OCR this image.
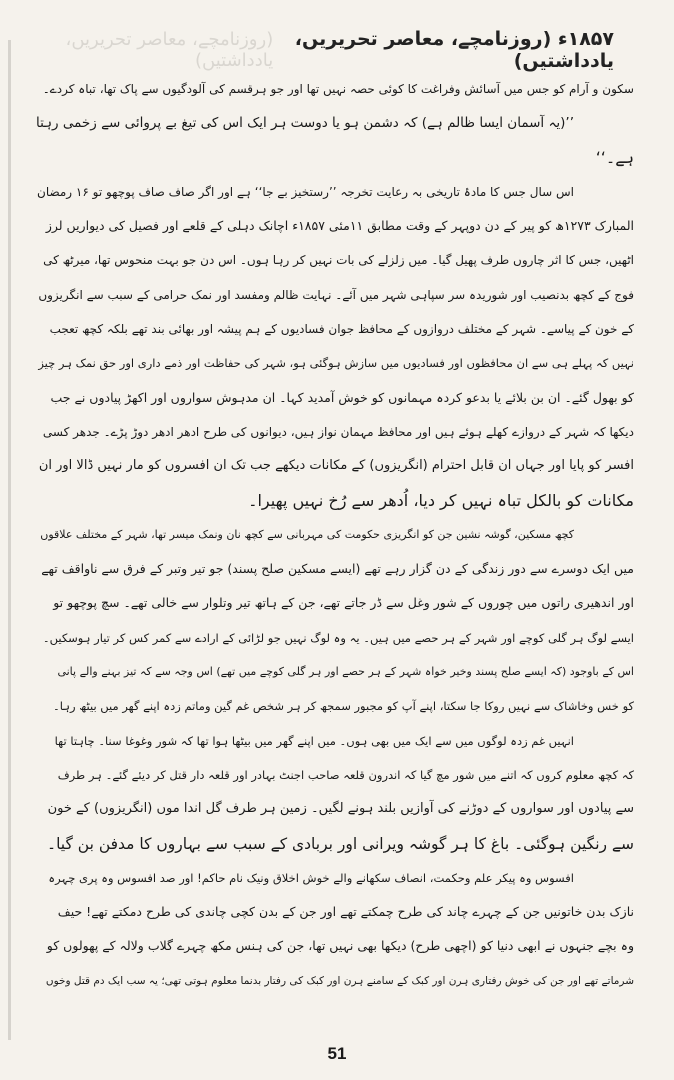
(روزنامچے، معاصر تحریریں، یادداشتیں)
۱۸۵۷ء (روزنامچے، معاصر تحریریں، یادداشتیں)
سکون و آرام کو جس میں آسائش وفراغت کا کوئی حصہ نہیں تھا اور جو ہرقسم کی آلودگیوں سے پاک تھا، تباہ کردے۔
’’(یہ آسمان ایسا ظالم ہے) کہ دشمن ہو یا دوست ہر ایک اس کی تیغ بے پروائی سے زخمی رہتا
ہے۔‘‘
اس سال جس کا مادۂ تاریخی بہ رعایت تخرجہ ’’رستخیز بے جا‘‘ ہے اور اگر صاف صاف پوچھو تو ۱۶ رمضان
المبارک ۱۲۷۳ھ کو پیر کے دن دوپہر کے وقت مطابق ۱۱مئی ۱۸۵۷ء اچانک دہلی کے قلعے اور فصیل کی دیواریں لرز
اٹھیں، جس کا اثر چاروں طرف پھیل گیا۔ میں زلزلے کی بات نہیں کر رہا ہوں۔ اس دن جو بہت منحوس تھا، میرٹھ کی
فوج کے کچھ بدنصیب اور شوریدہ سر سپاہی شہر میں آئے۔ نہایت ظالم ومفسد اور نمک حرامی کے سبب سے انگریزوں
کے خون کے پیاسے۔ شہر کے مختلف دروازوں کے محافظ جوان فسادیوں کے ہم پیشہ اور بھائی بند تھے بلکہ کچھ تعجب
نہیں کہ پہلے ہی سے ان محافظوں اور فسادیوں میں سازش ہوگئی ہو، شہر کی حفاظت اور ذمے داری اور حق نمک ہر چیز
کو بھول گئے۔ ان بن بلائے یا بدعو کردہ مہمانوں کو خوش آمدید کہا۔ ان مدہوش سواروں اور اکھڑ پیادوں نے جب
دیکھا کہ شہر کے دروازے کھلے ہوئے ہیں اور محافظ مہمان نواز ہیں، دیوانوں کی طرح ادھر ادھر دوڑ پڑے۔ جدھر کسی
افسر کو پایا اور جہاں ان قابل احترام (انگریزوں) کے مکانات دیکھے جب تک ان افسروں کو مار نہیں ڈالا اور ان
مکانات کو بالکل تباہ نہیں کر دیا، اُدھر سے رُخ نہیں پھیرا۔
کچھ مسکین، گوشہ نشین جن کو انگریزی حکومت کی مہربانی سے کچھ نان ونمک میسر تھا، شہر کے مختلف علاقوں
میں ایک دوسرے سے دور زندگی کے دن گزار رہے تھے (ایسے مسکین صلح پسند) جو تیر وتبر کے فرق سے ناواقف تھے
اور اندھیری راتوں میں چوروں کے شور وغل سے ڈر جاتے تھے، جن کے ہاتھ تیر وتلوار سے خالی تھے۔ سچ پوچھو تو
ایسے لوگ ہر گلی کوچے اور شہر کے ہر حصے میں ہیں۔ یہ وہ لوگ نہیں جو لڑائی کے ارادے سے کمر کس کر تیار ہوسکیں۔
اس کے باوجود (کہ ایسے صلح پسند وخیر خواہ شہر کے ہر حصے اور ہر گلی کوچے میں تھے) اس وجہ سے کہ تیز بہنے والے پانی
کو خس وخاشاک سے نہیں روکا جا سکتا، اپنے آپ کو مجبور سمجھ کر ہر شخص غم گین وماتم زدہ اپنے گھر میں بیٹھ رہا۔
انہیں غم زدہ لوگوں میں سے ایک میں بھی ہوں۔ میں اپنے گھر میں بیٹھا ہوا تھا کہ شور وغوغا سنا۔ چاہتا تھا
کہ کچھ معلوم کروں کہ اتنے میں شور مچ گیا کہ اندرون قلعہ صاحب اجنٹ بہادر اور قلعہ دار قتل کر دیئے گئے۔ ہر طرف
سے پیادوں اور سواروں کے دوڑنے کی آوازیں بلند ہونے لگیں۔ زمین ہر طرف گل اندا موں (انگریزوں) کے خون
سے رنگین ہوگئی۔ باغ کا ہر گوشہ ویرانی اور بربادی کے سبب سے بہاروں کا مدفن بن گیا۔
افسوس وہ پیکر علم وحکمت، انصاف سکھانے والے خوش اخلاق ونیک نام حاکم! اور صد افسوس وہ پری چہرہ
نازک بدن خاتونیں جن کے چہرے چاند کی طرح چمکتے تھے اور جن کے بدن کچی چاندی کی طرح دمکتے تھے! حیف
وہ بچے جنہوں نے ابھی دنیا کو (اچھی طرح) دیکھا بھی نہیں تھا، جن کی ہنس مکھ چہرے گلاب ولالہ کے پھولوں کو
شرماتے تھے اور جن کی خوش رفتاری ہرن اور کبک کے سامنے ہرن اور کبک کی رفتار بدنما معلوم ہوتی تھی؛ یہ سب ایک دم قتل وخوں
51
